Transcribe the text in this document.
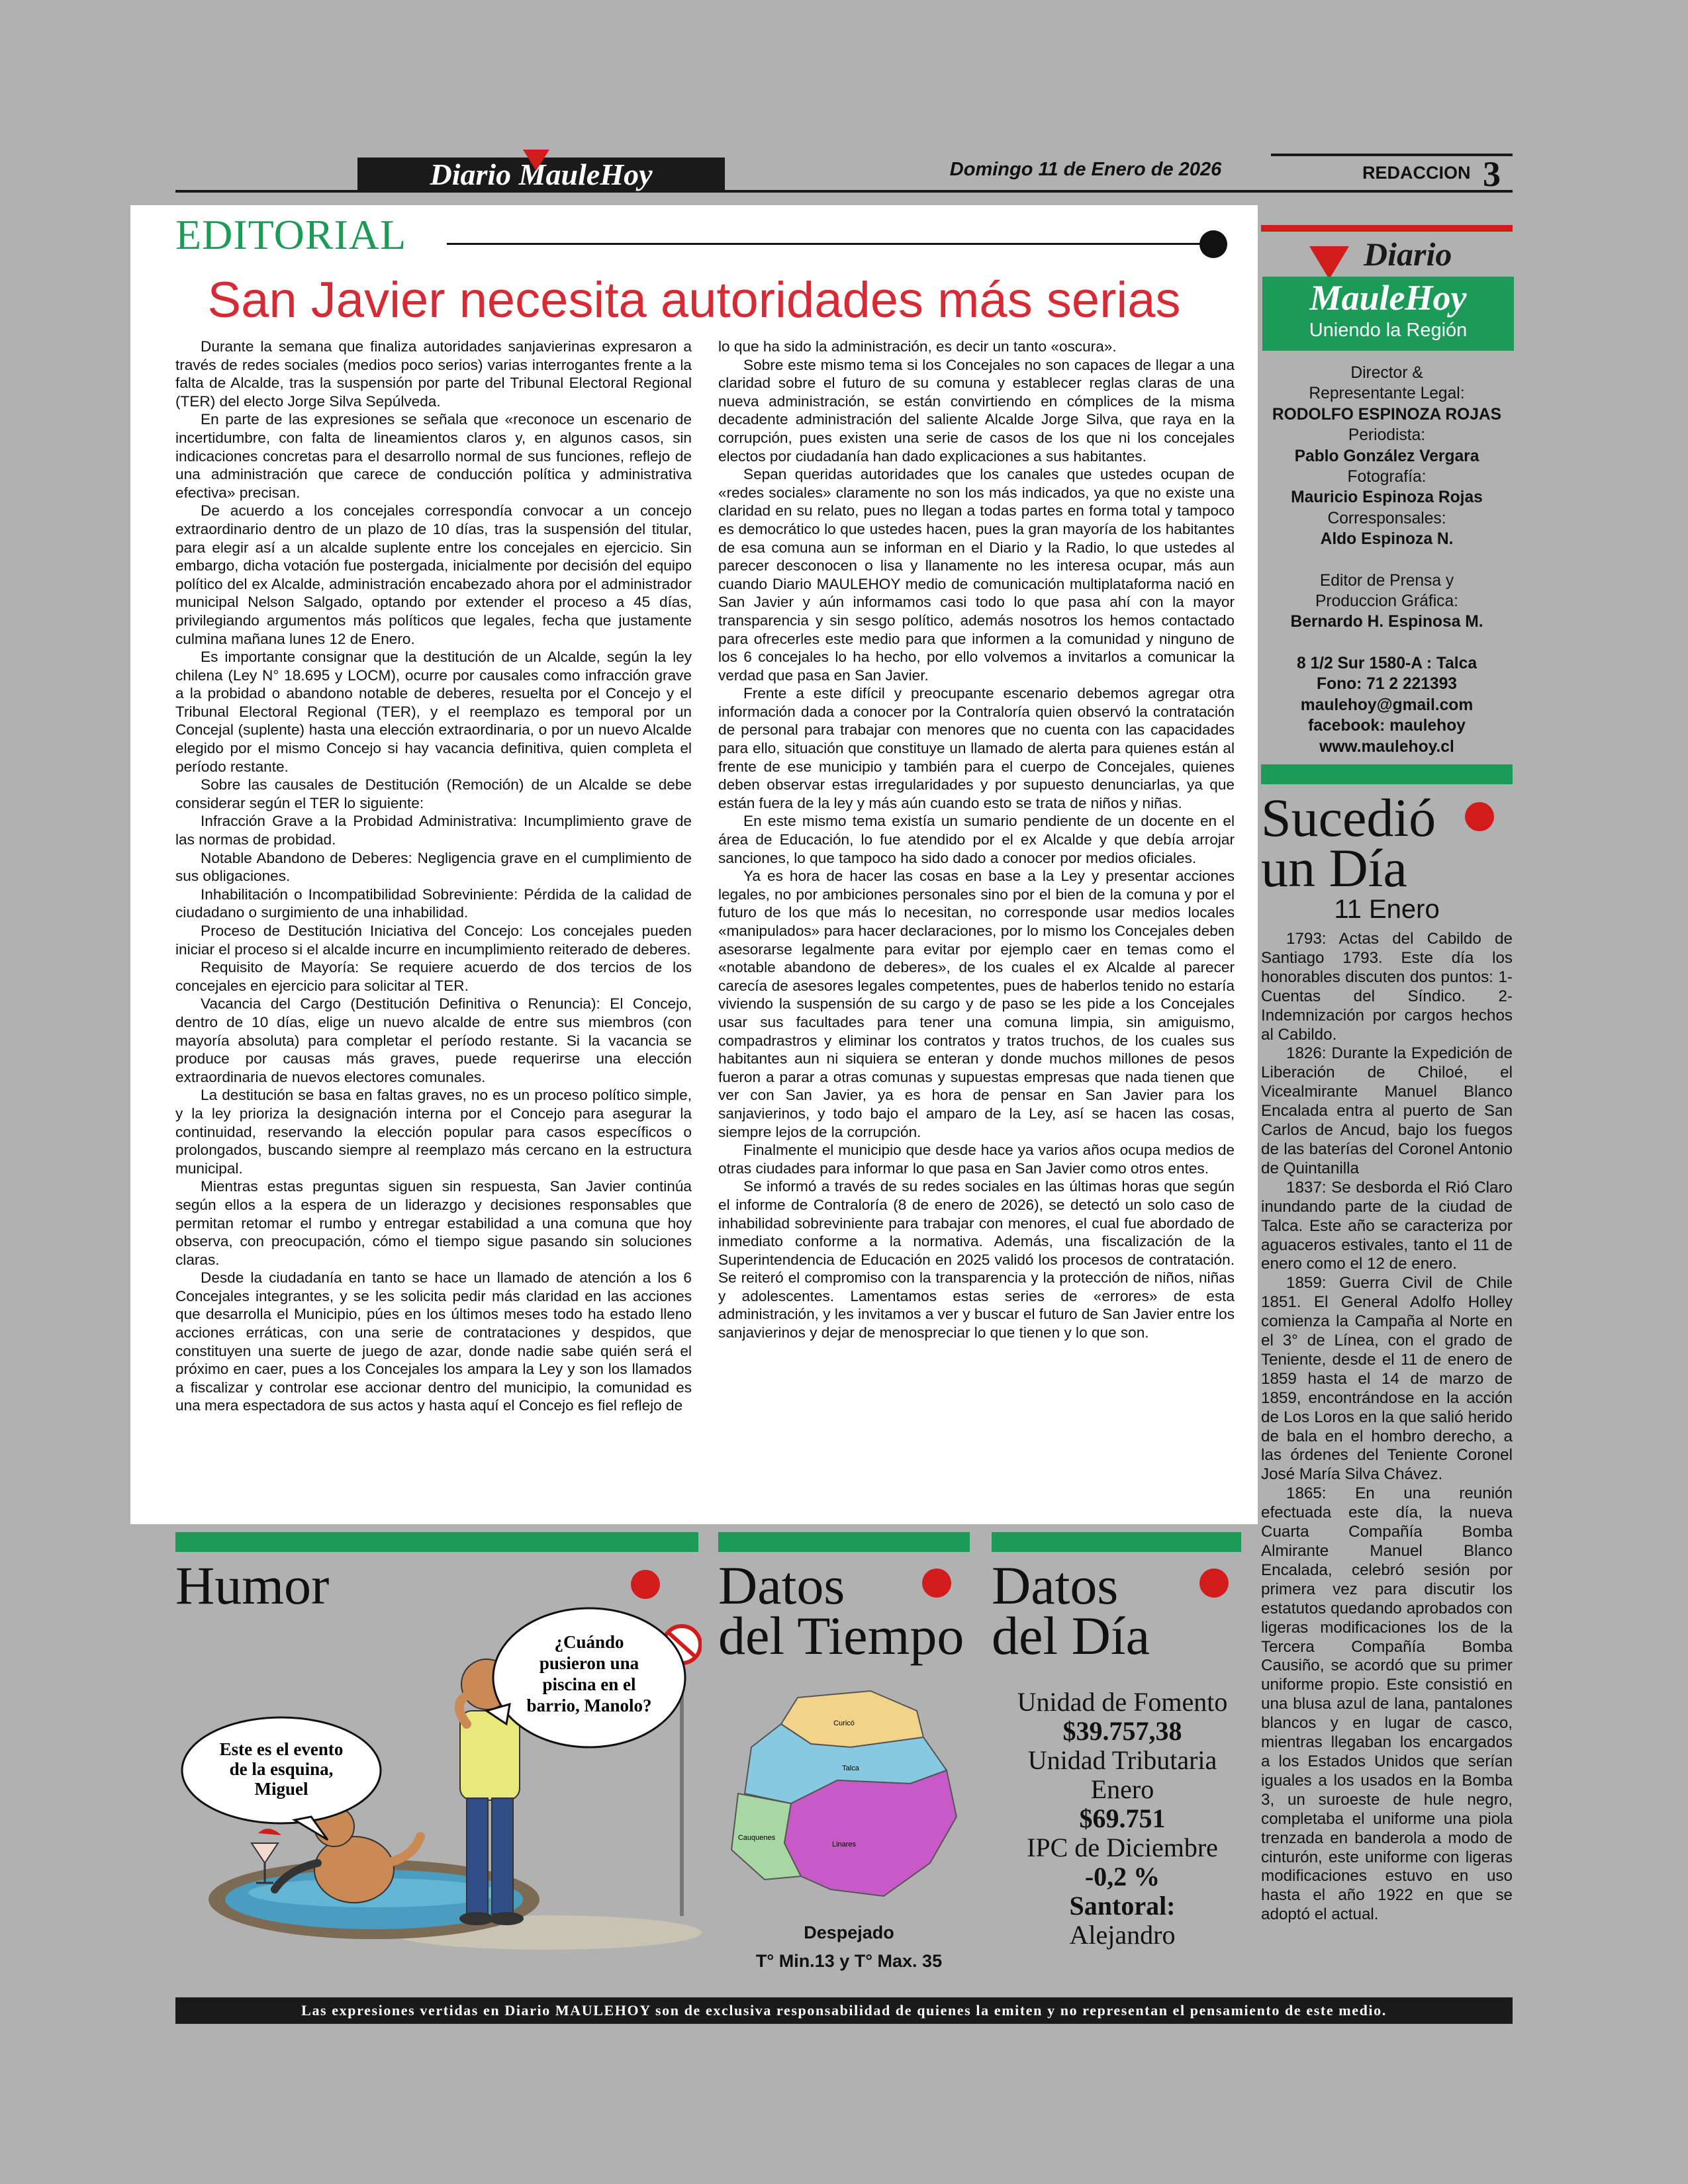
Diario MauleHoy	Domingo 11 de Enero de 2026	REDACCION 3
EDITORIAL
San Javier necesita autoridades más serias

Durante la semana que finaliza autoridades sanjavierinas expresaron a través de redes sociales (medios poco serios) varias interrogantes frente a la falta de Alcalde, tras la suspensión por parte del Tribunal Electoral Regional (TER) del electo Jorge Silva Sepúlveda.

En parte de las expresiones se señala que «reconoce un escenario de incertidumbre, con falta de lineamientos claros y, en algunos casos, sin indicaciones concretas para el desarrollo normal de sus funciones, reflejo de una administración que carece de conducción política y administrativa efectiva» precisan.

De acuerdo a los concejales correspondía convocar a un concejo extraordinario dentro de un plazo de 10 días, tras la suspensión del titular, para elegir así a un alcalde suplente entre los concejales en ejercicio. Sin embargo, dicha votación fue postergada, inicialmente por decisión del equipo político del ex Alcalde, administración encabezado ahora por el administrador municipal Nelson Salgado, optando por extender el proceso a 45 días, privilegiando argumentos más políticos que legales, fecha que justamente culmina mañana lunes 12 de Enero.

Es importante consignar que la destitución de un Alcalde, según la ley chilena (Ley N° 18.695 y LOCM), ocurre por causales como infracción grave a la probidad o abandono notable de deberes, resuelta por el Concejo y el Tribunal Electoral Regional (TER), y el reemplazo es temporal por un Concejal (suplente) hasta una elección extraordinaria, o por un nuevo Alcalde elegido por el mismo Concejo si hay vacancia definitiva, quien completa el período restante.

Sobre las causales de Destitución (Remoción) de un Alcalde se debe considerar según el TER lo siguiente:

Infracción Grave a la Probidad Administrativa: Incumplimiento grave de las normas de probidad.

Notable Abandono de Deberes: Negligencia grave en el cumplimiento de sus obligaciones.

Inhabilitación o Incompatibilidad Sobreviniente: Pérdida de la calidad de ciudadano o surgimiento de una inhabilidad.

Proceso de Destitución Iniciativa del Concejo: Los concejales pueden iniciar el proceso si el alcalde incurre en incumplimiento reiterado de deberes.

Requisito de Mayoría: Se requiere acuerdo de dos tercios de los concejales en ejercicio para solicitar al TER.

Vacancia del Cargo (Destitución Definitiva o Renuncia): El Concejo, dentro de 10 días, elige un nuevo alcalde de entre sus miembros (con mayoría absoluta) para completar el período restante. Si la vacancia se produce por causas más graves, puede requerirse una elección extraordinaria de nuevos electores comunales.

La destitución se basa en faltas graves, no es un proceso político simple, y la ley prioriza la designación interna por el Concejo para asegurar la continuidad, reservando la elección popular para casos específicos o prolongados, buscando siempre al reemplazo más cercano en la estructura municipal.

Mientras estas preguntas siguen sin respuesta, San Javier continúa según ellos a la espera de un liderazgo y decisiones responsables que permitan retomar el rumbo y entregar estabilidad a una comuna que hoy observa, con preocupación, cómo el tiempo sigue pasando sin soluciones claras.

Desde la ciudadanía en tanto se hace un llamado de atención a los 6 Concejales integrantes, y se les solicita pedir más claridad en las acciones que desarrolla el Municipio, púes en los últimos meses todo ha estado lleno acciones erráticas, con una serie de contrataciones y despidos, que constituyen una suerte de juego de azar, donde nadie sabe quién será el próximo en caer, pues a los Concejales los ampara la Ley y son los llamados a fiscalizar y controlar ese accionar dentro del municipio, la comunidad es una mera espectadora de sus actos y hasta aquí el Concejo es fiel reflejo de

lo que ha sido la administración, es decir un tanto «oscura».

Sobre este mismo tema si los Concejales no son capaces de llegar a una claridad sobre el futuro de su comuna y establecer reglas claras de una nueva administración, se están convirtiendo en cómplices de la misma decadente administración del saliente Alcalde Jorge Silva, que raya en la corrupción, pues existen una serie de casos de los que ni los concejales electos por ciudadanía han dado explicaciones a sus habitantes.

Sepan queridas autoridades que los canales que ustedes ocupan de «redes sociales» claramente no son los más indicados, ya que no existe una claridad en su relato, pues no llegan a todas partes en forma total y tampoco es democrático lo que ustedes hacen, pues la gran mayoría de los habitantes de esa comuna aun se informan en el Diario y la Radio, lo que ustedes al parecer desconocen o lisa y llanamente no les interesa ocupar, más aun cuando Diario MAULEHOY medio de comunicación multiplataforma nació en San Javier y aún informamos casi todo lo que pasa ahí con la mayor transparencia y sin sesgo político, además nosotros los hemos contactado para ofrecerles este medio para que informen a la comunidad y ninguno de los 6 concejales lo ha hecho, por ello volvemos a invitarlos a comunicar la verdad que pasa en San Javier.

Frente a este difícil y preocupante escenario debemos agregar otra información dada a conocer por la Contraloría quien observó la contratación de personal para trabajar con menores que no cuenta con las capacidades para ello, situación que constituye un llamado de alerta para quienes están al frente de ese municipio y también para el cuerpo de Concejales, quienes deben observar estas irregularidades y por supuesto denunciarlas, ya que están fuera de la ley y más aún cuando esto se trata de niños y niñas.

En este mismo tema existía un sumario pendiente de un docente en el área de Educación, lo fue atendido por el ex Alcalde y que debía arrojar sanciones, lo que tampoco ha sido dado a conocer por medios oficiales.

Ya es hora de hacer las cosas en base a la Ley y presentar acciones legales, no por ambiciones personales sino por el bien de la comuna y por el futuro de los que más lo necesitan, no corresponde usar medios locales «manipulados» para hacer declaraciones, por lo mismo los Concejales deben asesorarse legalmente para evitar por ejemplo caer en temas como el «notable abandono de deberes», de los cuales el ex Alcalde al parecer carecía de asesores legales competentes, pues de haberlos tenido no estaría viviendo la suspensión de su cargo y de paso se les pide a los Concejales usar sus facultades para tener una comuna limpia, sin amiguismo, compadrastros y eliminar los contratos y tratos truchos, de los cuales sus habitantes aun ni siquiera se enteran y donde muchos millones de pesos fueron a parar a otras comunas y supuestas empresas que nada tienen que ver con San Javier, ya es hora de pensar en San Javier para los sanjavierinos, y todo bajo el amparo de la Ley, así se hacen las cosas, siempre lejos de la corrupción.

Finalmente el municipio que desde hace ya varios años ocupa medios de otras ciudades para informar lo que pasa en San Javier como otros entes.

Se informó a través de su redes sociales en las últimas horas que según el informe de Contraloría (8 de enero de 2026), se detectó un solo caso de inhabilidad sobreviniente para trabajar con menores, el cual fue abordado de inmediato conforme a la normativa. Además, una fiscalización de la Superintendencia de Educación en 2025 validó los procesos de contratación. Se reiteró el compromiso con la transparencia y la protección de niños, niñas y adolescentes. Lamentamos estas series de «errores» de esta administración, y les invitamos a ver y buscar el futuro de San Javier entre los sanjavierinos y dejar de menospreciar lo que tienen y lo que son.

Diario
MauleHoy
Uniendo la Región
Director &
Representante Legal:
RODOLFO ESPINOZA ROJAS
Periodista:
Pablo González Vergara
Fotografía:
Mauricio Espinoza Rojas
Corresponsales:
Aldo Espinoza N.
Editor de Prensa y
Produccion Gráfica:
Bernardo H. Espinosa M.
8 1/2 Sur 1580-A : Talca
Fono: 71 2 221393
maulehoy@gmail.com
facebook: maulehoy
www.maulehoy.cl
Sucedió
un Día
11 Enero

1793: Actas del Cabildo de Santiago 1793. Este día los honorables discuten dos puntos: 1- Cuentas del Síndico. 2- Indemnización por cargos hechos al Cabildo.

1826: Durante la Expedición de Liberación de Chiloé, el Vicealmirante Manuel Blanco Encalada entra al puerto de San Carlos de Ancud, bajo los fuegos de las baterías del Coronel Antonio de Quintanilla

1837: Se desborda el Rió Claro inundando parte de la ciudad de Talca. Este año se caracteriza por aguaceros estivales, tanto el 11 de enero como el 12 de enero.

1859: Guerra Civil de Chile 1851. El General Adolfo Holley comienza la Campaña al Norte en el 3° de Línea, con el grado de Teniente, desde el 11 de enero de 1859 hasta el 14 de marzo de 1859, encontrándose en la acción de Los Loros en la que salió herido de bala en el hombro derecho, a las órdenes del Teniente Coronel José María Silva Chávez.

1865: En una reunión efectuada este día, la nueva Cuarta Compañía Bomba Almirante Manuel Blanco Encalada, celebró sesión por primera vez para discutir los estatutos quedando aprobados con ligeras modificaciones los de la Tercera Compañía Bomba Causiño, se acordó que su primer uniforme propio. Este consistió en una blusa azul de lana, pantalones blancos y en lugar de casco, mientras llegaban los encargados a los Estados Unidos que serían iguales a los usados en la Bomba 3, un suroeste de hule negro, completaba el uniforme una piola trenzada en banderola a modo de cinturón, este uniforme con ligeras modificaciones estuvo en uso hasta el año 1922 en que se adoptó el actual.

Humor
Este es el evento
de la esquina,
Miguel
¿Cuándo
pusieron una
piscina en el
barrio, Manolo?
Datos
del Tiempo
Curicó
Talca
Cauquenes
Linares
Despejado
T° Min.13 y T° Max. 35
Datos
del Día
Unidad de Fomento
$39.757,38
Unidad Tributaria
Enero
$69.751
IPC de Diciembre
-0,2 %
Santoral:
Alejandro
Las expresiones vertidas en Diario MAULEHOY son de exclusiva responsabilidad de quienes la emiten y no representan el pensamiento de este medio.
